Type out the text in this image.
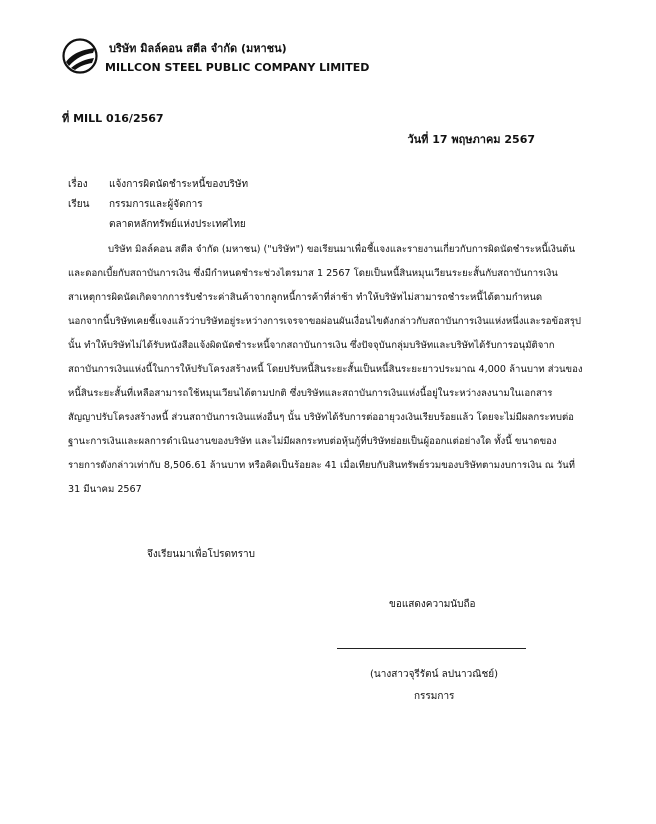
บริษัท มิลล์คอน สตีล จำกัด (มหาชน)
MILLCON STEEL PUBLIC COMPANY LIMITED
ที่ MILL 016/2567
วันที่ 17 พฤษภาคม 2567
เรื่อง แจ้งการผิดนัดชำระหนี้ของบริษัท
เรียน กรรมการและผู้จัดการ
ตลาดหลักทรัพย์แห่งประเทศไทย
บริษัท มิลล์คอน สตีล จำกัด (มหาชน) ("บริษัท") ขอเรียนมาเพื่อชี้แจงและรายงานเกี่ยวกับการผิดนัดชำระหนี้เงินต้น
และดอกเบี้ยกับสถาบันการเงิน ซึ่งมีกำหนดชำระช่วงไตรมาส 1 2567 โดยเป็นหนี้สินหมุนเวียนระยะสั้นกับสถาบันการเงิน
สาเหตุการผิดนัดเกิดจากการรับชำระค่าสินค้าจากลูกหนี้การค้าที่ล่าช้า ทำให้บริษัทไม่สามารถชำระหนี้ได้ตามกำหนด
นอกจากนี้บริษัทเคยชี้แจงแล้วว่าบริษัทอยู่ระหว่างการเจรจาขอผ่อนผันเงื่อนไขดังกล่าวกับสถาบันการเงินแห่งหนึ่งและรอข้อสรุป
นั้น ทำให้บริษัทไม่ได้รับหนังสือแจ้งผิดนัดชำระหนี้จากสถาบันการเงิน ซึ่งปัจจุบันกลุ่มบริษัทและบริษัทได้รับการอนุมัติจาก
สถาบันการเงินแห่งนี้ในการให้ปรับโครงสร้างหนี้ โดยปรับหนี้สินระยะสั้นเป็นหนี้สินระยะยาวประมาณ 4,000 ล้านบาท ส่วนของ
หนี้สินระยะสั้นที่เหลือสามารถใช้หมุนเวียนได้ตามปกติ ซึ่งบริษัทและสถาบันการเงินแห่งนี้อยู่ในระหว่างลงนามในเอกสาร
สัญญาปรับโครงสร้างหนี้ ส่วนสถาบันการเงินแห่งอื่นๆ นั้น บริษัทได้รับการต่ออายุวงเงินเรียบร้อยแล้ว โดยจะไม่มีผลกระทบต่อ
ฐานะการเงินและผลการดำเนินงานของบริษัท และไม่มีผลกระทบต่อหุ้นกู้ที่บริษัทย่อยเป็นผู้ออกแต่อย่างใด ทั้งนี้ ขนาดของ
รายการดังกล่าวเท่ากับ 8,506.61 ล้านบาท หรือคิดเป็นร้อยละ 41 เมื่อเทียบกับสินทรัพย์รวมของบริษัทตามงบการเงิน ณ วันที่
31 มีนาคม 2567
จึงเรียนมาเพื่อโปรดทราบ
ขอแสดงความนับถือ
(นางสาวจุรีรัตน์ ลปนาวณิชย์)
กรรมการ
